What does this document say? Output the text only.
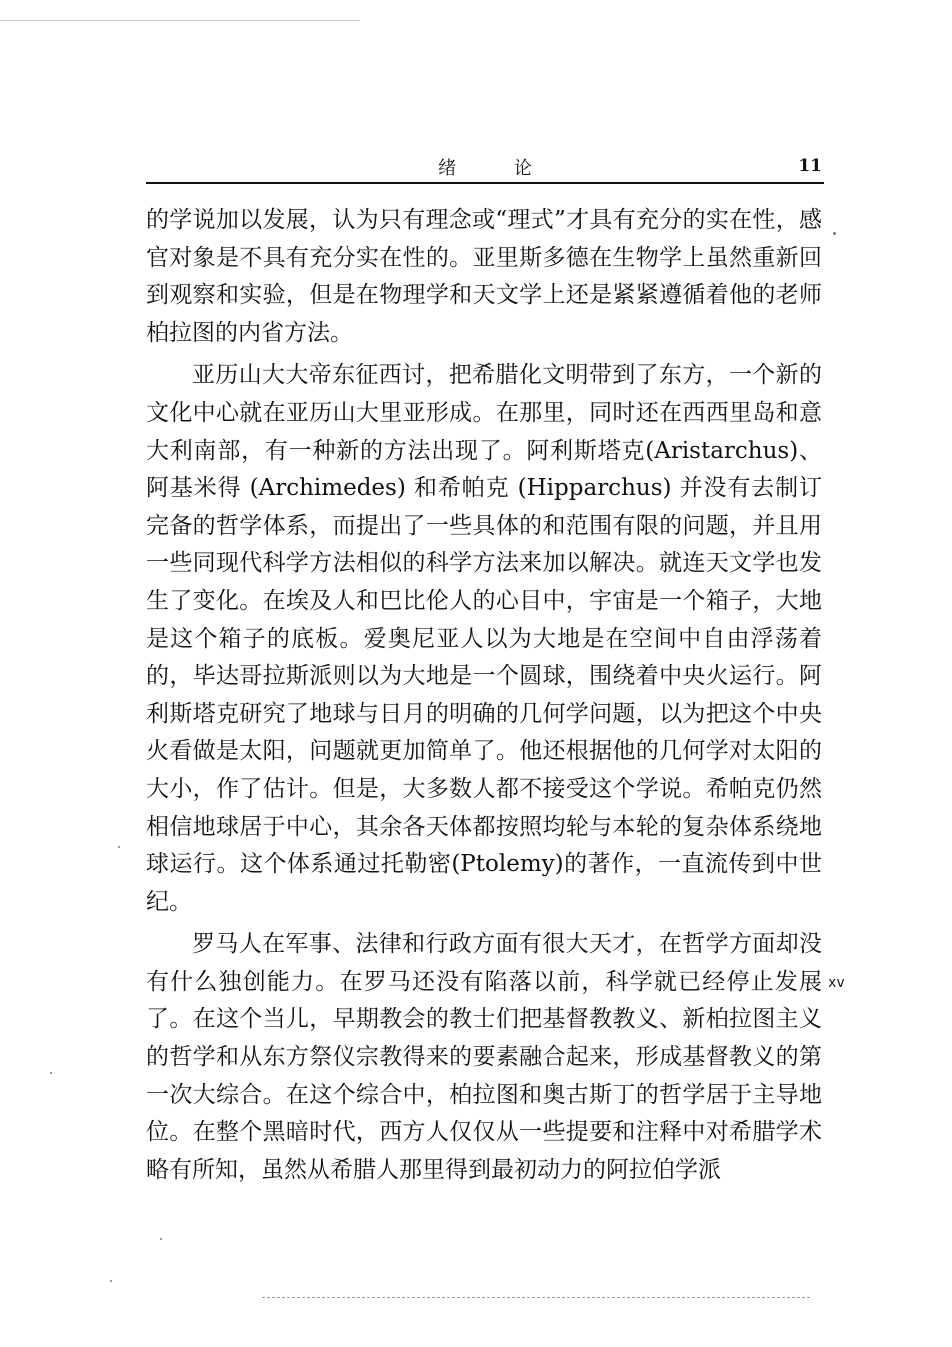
绪 论	11

的学说加以发展，认为只有理念或“理式”才具有充分的实在性，感官对象是不具有充分实在性的。亚里斯多德在生物学上虽然重新回到观察和实验，但是在物理学和天文学上还是紧紧遵循着他的老师柏拉图的内省方法。

亚历山大大帝东征西讨，把希腊化文明带到了东方，一个新的文化中心就在亚历山大里亚形成。在那里，同时还在西西里岛和意大利南部，有一种新的方法出现了。阿利斯塔克(Aristarchus)、阿基米得 (Archimedes) 和希帕克 (Hipparchus) 并没有去制订完备的哲学体系，而提出了一些具体的和范围有限的问题，并且用一些同现代科学方法相似的科学方法来加以解决。就连天文学也发生了变化。在埃及人和巴比伦人的心目中，宇宙是一个箱子，大地是这个箱子的底板。爱奥尼亚人以为大地是在空间中自由浮荡着的，毕达哥拉斯派则以为大地是一个圆球，围绕着中央火运行。阿利斯塔克研究了地球与日月的明确的几何学问题，以为把这个中央火看做是太阳，问题就更加简单了。他还根据他的几何学对太阳的大小，作了估计。但是，大多数人都不接受这个学说。希帕克仍然相信地球居于中心，其余各天体都按照均轮与本轮的复杂体系绕地球运行。这个体系通过托勒密(Ptolemy)的著作，一直流传到中世纪。

罗马人在军事、法律和行政方面有很大天才，在哲学方面却没有什么独创能力。在罗马还没有陷落以前，科学就已经停止发展了。在这个当儿，早期教会的教士们把基督教教义、新柏拉图主义的哲学和从东方祭仪宗教得来的要素融合起来，形成基督教义的第一次大综合。在这个综合中，柏拉图和奥古斯丁的哲学居于主导地位。在整个黑暗时代，西方人仅仅从一些提要和注释中对希腊学术略有所知，虽然从希腊人那里得到最初动力的阿拉伯学派

xv
